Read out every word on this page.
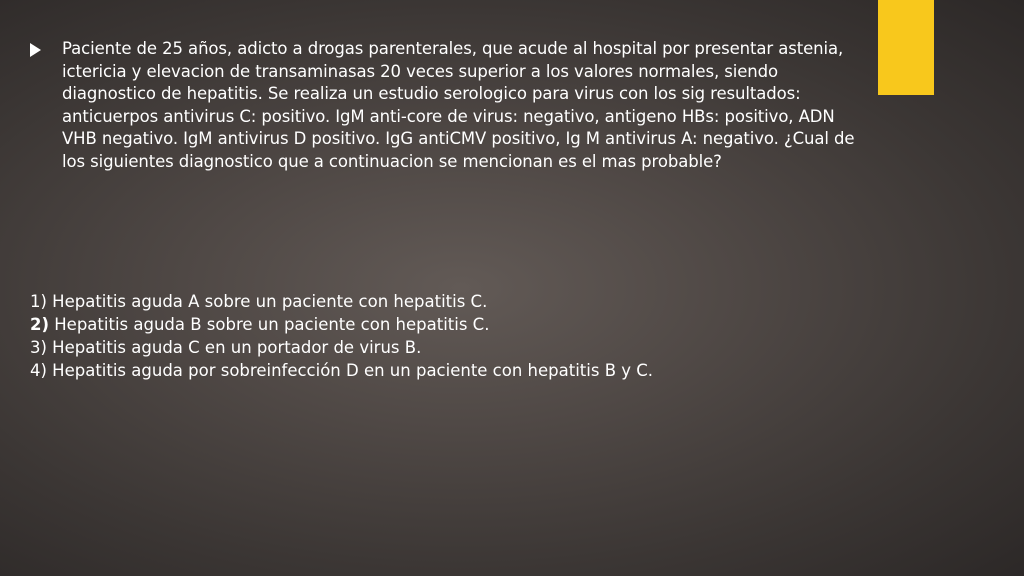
Paciente de 25 años, adicto a drogas parenterales, que acude al hospital por presentar astenia, ictericia y elevacion de transaminasas 20 veces superior a los valores normales, siendo diagnostico de hepatitis. Se realiza un estudio serologico para virus con los sig resultados: anticuerpos antivirus C: positivo. IgM anti-core de virus: negativo, antigeno HBs: positivo, ADN VHB negativo. IgM antivirus D positivo. IgG antiCMV positivo, Ig M antivirus A: negativo. ¿Cual de los siguientes diagnostico que a continuacion se mencionan es el mas probable?

1) Hepatitis aguda A sobre un paciente con hepatitis C.

2) Hepatitis aguda B sobre un paciente con hepatitis C.

3) Hepatitis aguda C en un portador de virus B.

4) Hepatitis aguda por sobreinfección D en un paciente con hepatitis B y C.
